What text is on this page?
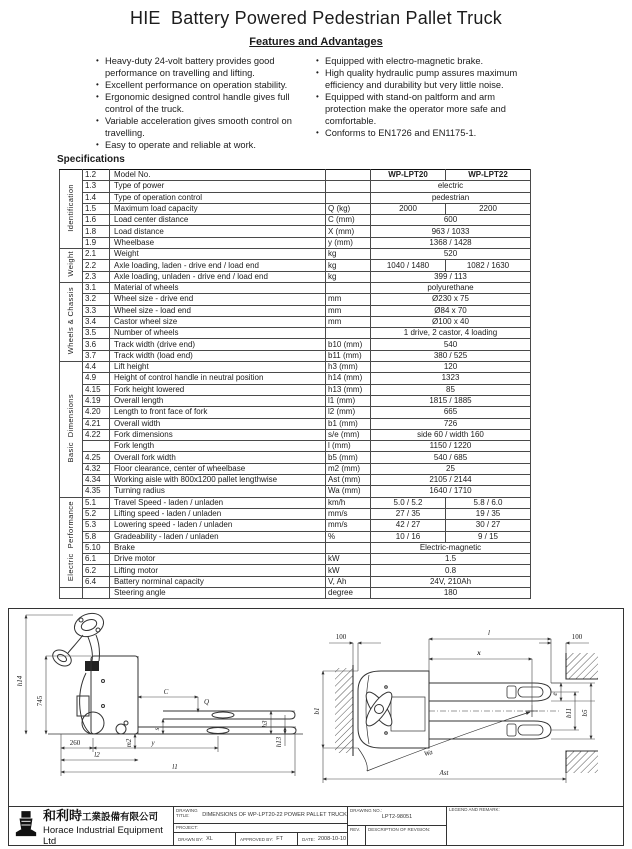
HIE  Battery Powered Pedestrian Pallet Truck
Features and Advantages
• Heavy-duty 24-volt battery provides good performance on travelling and lifting.
• Excellent performance on operation stability.
• Ergonomic designed control handle gives full control of the truck.
• Variable acceleration gives smooth control on travelling.
• Easy to operate and reliable at work.
• Equipped with electro-magnetic brake.
• High quality hydraulic pump assures maximum efficiency and durability but very little noise.
• Equipped with stand-on paltform and arm protection make the operator more safe and comfortable.
• Conforms to EN1726 and EN1175-1.
Specifications
Identification	1.2	Model No.		WP-LPT20	WP-LPT22
	1.3	Type of power		electric	
	1.4	Type of operation control		pedestrian	
	1.5	Maximum load capacity	Q (kg)	2000	2200
	1.6	Load center distance	C (mm)	600	
	1.8	Load distance	X (mm)	963 / 1033	
	1.9	Wheelbase	y (mm)	1368 / 1428	
Weight	2.1	Weight	kg	520	
	2.2	Axle loading, laden - drive end / load end	kg	1040 / 1480	1082 / 1630
	2.3	Axle loading, unladen - drive end / load end	kg	399 / 113	
Wheels & Chassis	3.1	Material of wheels		polyurethane	
	3.2	Wheel size - drive end	mm	Ø230 x 75	
	3.3	Wheel size - load end	mm	Ø84 x 70	
	3.4	Castor wheel size	mm	Ø100 x 40	
	3.5	Number of wheels		1 drive, 2 castor, 4 loading	
	3.6	Track width (drive end)	b10 (mm)	540	
	3.7	Track width (load end)	b11 (mm)	380 / 525	
Basic  Dimensions	4.4	Lift height	h3 (mm)	120	
	4.9	Height of control handle in neutral position	h14 (mm)	1323	
	4.15	Fork height lowered	h13 (mm)	85	
	4.19	Overall length	l1 (mm)	1815 / 1885	
	4.20	Length to front face of fork	l2 (mm)	665	
	4.21	Overall width	b1 (mm)	726	
	4.22	Fork dimensions	s/e (mm)	side 60 / width 160	
		Fork length	l (mm)	1150 / 1220	
	4.25	Overall fork width	b5 (mm)	540 / 685	
	4.32	Floor clearance, center of wheelbase	m2 (mm)	25	
	4.34	Working aisle with 800x1200 pallet lengthwise	Ast (mm)	2105 / 2144	
	4.35	Turning radius	Wa (mm)	1640 / 1710	
Electric  Performance	5.1	Travel Speed - laden / unladen	km/h	5.0 / 5.2	5.8 / 6.0
	5.2	Lifting speed - laden / unladen	mm/s	27 / 35	19 / 35
	5.3	Lowering speed - laden / unladen	mm/s	42 / 27	30 / 27
	5.8	Gradeability - laden / unladen	%	10 / 16	9 / 15
	5.10	Brake		Electric-magnetic	
	6.1	Drive motor	kW	1.5	
	6.2	Lifting motor	kW	0.8	
	6.4	Battery norminal capacity	V, Ah	24V, 210Ah	
		Steering angle	degree	180	
h14
745
C
Q
s
m2
260	y
l2
l1
h3
h13
100	l	100
x
b1
e
b11 b5
Wa
Ast
和利時工業設備有限公司
Horace Industrial Equipment Ltd
DRAWING TITLE:	DIMENSIONS OF WP-LPT20-22 POWER PALLET TRUCK
PROJECT:
DRAWN BY: XL	APPROVED BY: FT	DATE: 2008-10-10
DRAWING NO.:
LPT2-98051
REV.	DESCRIPTION OF REVISION:
LEGEND AND REMARK:
